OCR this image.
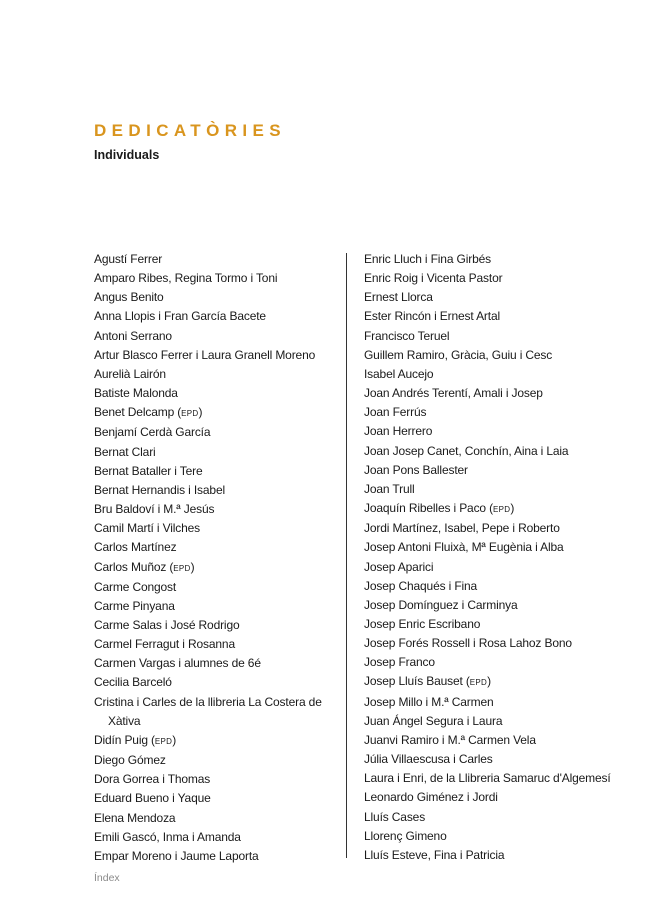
DEDICATÒRIES
Individuals
Agustí Ferrer
Amparo Ribes, Regina Tormo i Toni
Angus Benito
Anna Llopis i Fran García Bacete
Antoni Serrano
Artur Blasco Ferrer i Laura Granell Moreno
Aurelià Lairón
Batiste Malonda
Benet Delcamp (EPD)
Benjamí Cerdà García
Bernat Clari
Bernat Bataller i Tere
Bernat Hernandis i Isabel
Bru Baldoví i M.ª Jesús
Camil Martí i Vilches
Carlos Martínez
Carlos Muñoz (EPD)
Carme Congost
Carme Pinyana
Carme Salas i José Rodrigo
Carmel Ferragut i Rosanna
Carmen Vargas i alumnes de 6é
Cecilia Barceló
Cristina i Carles de la llibreria La Costera de Xàtiva
Didín Puig (EPD)
Diego Gómez
Dora Gorrea i Thomas
Eduard Bueno i Yaque
Elena Mendoza
Emili Gascó, Inma i Amanda
Empar Moreno i Jaume Laporta
Enric Lluch i Fina Girbés
Enric Roig i Vicenta Pastor
Ernest Llorca
Ester Rincón i Ernest Artal
Francisco Teruel
Guillem Ramiro, Gràcia, Guiu i Cesc
Isabel Aucejo
Joan Andrés Terentí, Amali i Josep
Joan Ferrús
Joan Herrero
Joan Josep Canet, Conchín, Aina i Laia
Joan Pons Ballester
Joan Trull
Joaquín Ribelles i Paco (EPD)
Jordi Martínez, Isabel, Pepe i Roberto
Josep Antoni Fluixà, Mª Eugènia i Alba
Josep Aparici
Josep Chaqués i Fina
Josep Domínguez i Carminya
Josep Enric Escribano
Josep Forés Rossell i Rosa Lahoz Bono
Josep Franco
Josep Lluís Bauset (EPD)
Josep Millo i M.ª Carmen
Juan Ángel Segura i Laura
Juanvi Ramiro i M.ª Carmen Vela
Júlia Villaescusa i Carles
Laura i Enri, de la Llibreria Samaruc d'Algemesí
Leonardo Giménez i Jordi
Lluís Cases
Llorenç Gimeno
Lluís Esteve, Fina i Patricia
Índex
